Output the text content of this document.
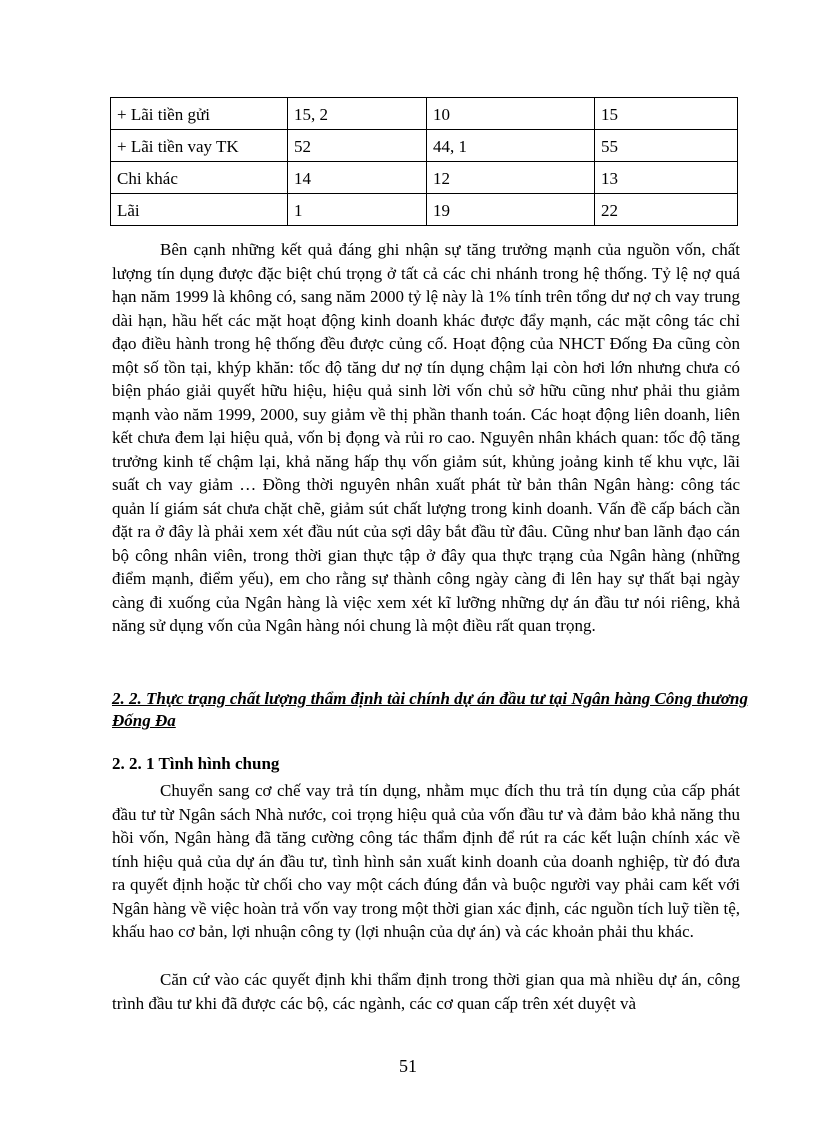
+ Lãi tiền gửi	15, 2	10	15
+ Lãi tiền vay TK	52	44, 1	55
Chi khác	14	12	13
Lãi	1	19	22

Bên cạnh những kết quả đáng ghi nhận sự tăng trưởng mạnh của nguồn vốn, chất lượng tín dụng được đặc biệt chú trọng ở tất cả các chi nhánh trong hệ thống. Tỷ lệ nợ quá hạn năm 1999 là không có, sang năm 2000 tỷ lệ này là 1% tính trên tổng dư nợ ch vay trung dài hạn, hầu hết các mặt hoạt động kinh doanh khác được đẩy mạnh, các mặt công tác chỉ đạo điều hành trong hệ thống đều được củng cố. Hoạt động của NHCT Đống Đa cũng còn một số tồn tại, khýp khăn: tốc độ tăng dư nợ tín dụng chậm lại còn hơi lớn nhưng chưa có biện pháo giải quyết hữu hiệu, hiệu quả sinh lời vốn chủ sở hữu cũng như phải thu giảm mạnh vào năm 1999, 2000, suy giảm về thị phần thanh toán. Các hoạt động liên doanh, liên kết chưa đem lại hiệu quả, vốn bị đọng và rủi ro cao. Nguyên nhân khách quan: tốc độ tăng trưởng kinh tế chậm lại, khả năng hấp thụ vốn giảm sút, khủng joảng kinh tế khu vực, lãi suất ch vay giảm … Đồng thời nguyên nhân xuất phát từ bản thân Ngân hàng: công tác quản lí giám sát chưa chặt chẽ, giảm sút chất lượng trong kinh doanh. Vấn đề cấp bách cần đặt ra ở đây là phải xem xét đầu nút của sợi dây bắt đầu từ đâu. Cũng như ban lãnh đạo cán bộ công nhân viên, trong thời gian thực tập ở đây qua thực trạng của Ngân hàng (những điểm mạnh, điểm yếu), em cho rằng sự thành công ngày càng đi lên hay sự thất bại ngày càng đi xuống của Ngân hàng là việc xem xét kĩ lưỡng những dự án đầu tư nói riêng, khả năng sử dụng vốn của Ngân hàng nói chung là một điều rất quan trọng.

2. 2. Thực trạng chất lượng thẩm định tài chính dự án đầu tư tại Ngân hàng Công thương Đống Đa

2. 2. 1 Tình hình chung

Chuyển sang cơ chế vay trả tín dụng, nhằm mục đích thu trả tín dụng của cấp phát đầu tư từ Ngân sách Nhà nước, coi trọng hiệu quả của vốn đầu tư và đảm bảo khả năng thu hồi vốn, Ngân hàng đã tăng cường công tác thẩm định để rút ra các kết luận chính xác về tính hiệu quả của dự án đầu tư, tình hình sản xuất kinh doanh của doanh nghiệp, từ đó đưa ra quyết định hoặc từ chối cho vay một cách đúng đắn và buộc người vay phải cam kết với Ngân hàng về việc hoàn trả vốn vay trong một thời gian xác định, các nguồn tích luỹ tiền tệ, khấu hao cơ bản, lợi nhuận công ty (lợi nhuận của dự án) và các khoản phải thu khác.

Căn cứ vào các quyết định khi thẩm định trong thời gian qua mà nhiều dự án, công trình đầu tư khi đã được các bộ, các ngành, các cơ quan cấp trên xét duyệt và

51
